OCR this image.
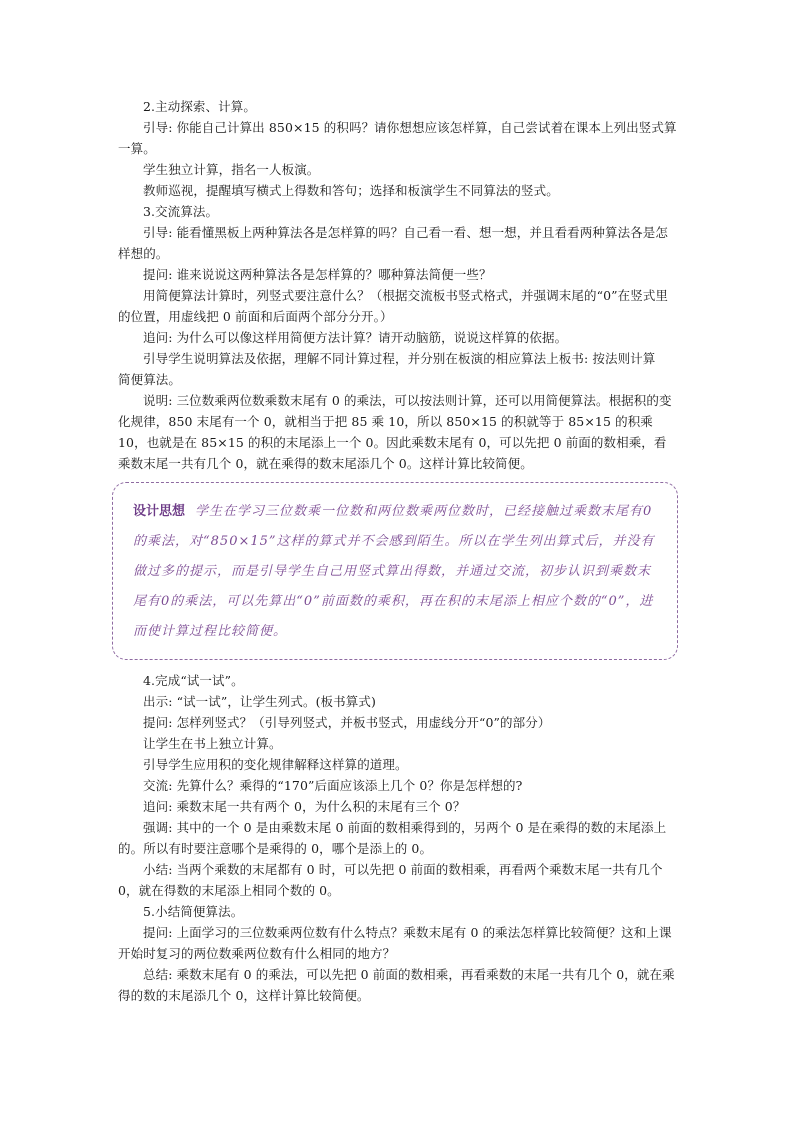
2.主动探索、计算。

引导: 你能自己计算出 850×15 的积吗？请你想想应该怎样算，自己尝试着在课本上列出竖式算一算。

学生独立计算，指名一人板演。

教师巡视，提醒填写横式上得数和答句；选择和板演学生不同算法的竖式。

3.交流算法。

引导: 能看懂黑板上两种算法各是怎样算的吗？自己看一看、想一想，并且看看两种算法各是怎样想的。

提问: 谁来说说这两种算法各是怎样算的？哪种算法简便一些？

用简便算法计算时，列竖式要注意什么？（根据交流板书竖式格式，并强调末尾的“0”在竖式里的位置，用虚线把 0 前面和后面两个部分分开。）

追问: 为什么可以像这样用简便方法计算？请开动脑筋，说说这样算的依据。

引导学生说明算法及依据，理解不同计算过程，并分别在板演的相应算法上板书: 按法则计算　简便算法。

说明: 三位数乘两位数乘数末尾有 0 的乘法，可以按法则计算，还可以用简便算法。根据积的变化规律，850 末尾有一个 0，就相当于把 85 乘 10，所以 850×15 的积就等于 85×15 的积乘 10，也就是在 85×15 的积的末尾添上一个 0。因此乘数末尾有 0，可以先把 0 前面的数相乘，看乘数末尾一共有几个 0，就在乘得的数末尾添几个 0。这样计算比较简便。

设计思想 学生在学习三位数乘一位数和两位数乘两位数时，已经接触过乘数末尾有0的乘法，对“850×15”这样的算式并不会感到陌生。所以在学生列出算式后，并没有做过多的提示，而是引导学生自己用竖式算出得数，并通过交流，初步认识到乘数末尾有0的乘法，可以先算出“0”前面数的乘积，再在积的末尾添上相应个数的“0”，进而使计算过程比较简便。

4.完成“试一试”。

出示: “试一试”，让学生列式。(板书算式)

提问: 怎样列竖式？（引导列竖式，并板书竖式，用虚线分开“0”的部分）

让学生在书上独立计算。

引导学生应用积的变化规律解释这样算的道理。

交流: 先算什么？乘得的“170”后面应该添上几个 0？你是怎样想的?

追问: 乘数末尾一共有两个 0，为什么积的末尾有三个 0？

强调: 其中的一个 0 是由乘数末尾 0 前面的数相乘得到的，另两个 0 是在乘得的数的末尾添上的。所以有时要注意哪个是乘得的 0，哪个是添上的 0。

小结: 当两个乘数的末尾都有 0 时，可以先把 0 前面的数相乘，再看两个乘数末尾一共有几个 0，就在得数的末尾添上相同个数的 0。

5.小结简便算法。

提问: 上面学习的三位数乘两位数有什么特点？乘数末尾有 0 的乘法怎样算比较简便？这和上课开始时复习的两位数乘两位数有什么相同的地方？

总结: 乘数末尾有 0 的乘法，可以先把 0 前面的数相乘，再看乘数的末尾一共有几个 0，就在乘得的数的末尾添几个 0，这样计算比较简便。
